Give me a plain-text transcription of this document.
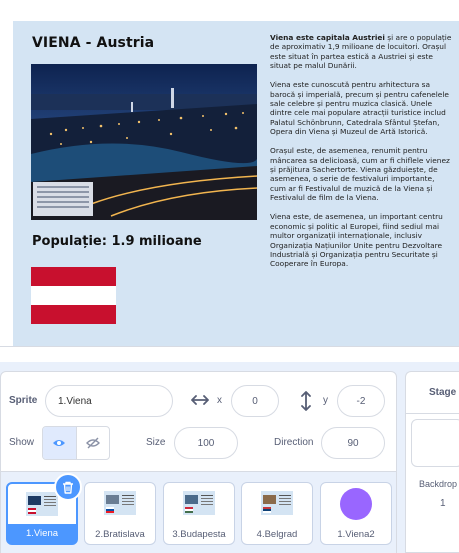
VIENA - Austria
Populație: 1.9 milioane

Viena este capitala Austriei și are o populație de aproximativ 1,9 milioane de locuitori. Orașul este situat în partea estică a Austriei și este situat pe malul Dunării.

Viena este cunoscută pentru arhitectura sa barocă și imperială, precum și pentru cafenelele sale celebre și pentru muzica clasică. Unele dintre cele mai populare atracții turistice includ Palatul Schönbrunn, Catedrala Sfântul Ștefan, Opera din Viena și Muzeul de Artă Istorică.

Orașul este, de asemenea, renumit pentru mâncarea sa delicioasă, cum ar fi chiflele vienez și prăjitura Sachertorte. Viena găzduiește, de asemenea, o serie de festivaluri importante, cum ar fi Festivalul de muzică de la Viena și Festivalul de film de la Viena.

Viena este, de asemenea, un important centru economic și politic al Europei, fiind sediul mai multor organizații internaționale, inclusiv Organizația Națiunilor Unite pentru Dezvoltare Industrială și Organizația pentru Securitate și Cooperare în Europa.

Sprite	1.Viena	x	0	y	-2
Show	Size	100	Direction	90
1.Viena	2.Bratislava	3.Budapesta	4.Belgrad	1.Viena2
Stage
Backdrop
1
